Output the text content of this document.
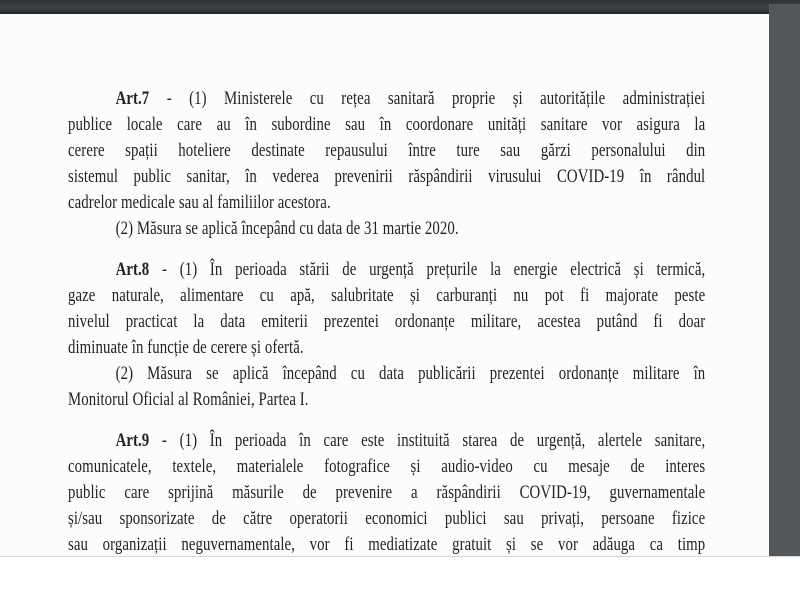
Art.7 - (1) Ministerele cu rețea sanitară proprie și autoritățile administrației
publice locale care au în subordine sau în coordonare unități sanitare vor asigura la
cerere spații hoteliere destinate repausului între ture sau gărzi personalului din
sistemul public sanitar, în vederea prevenirii răspândirii virusului COVID-19 în rândul
cadrelor medicale sau al familiilor acestora.
(2) Măsura se aplică începând cu data de 31 martie 2020.
Art.8 - (1) În perioada stării de urgență prețurile la energie electrică și termică,
gaze naturale, alimentare cu apă, salubritate și carburanți nu pot fi majorate peste
nivelul practicat la data emiterii prezentei ordonanțe militare, acestea putând fi doar
diminuate în funcție de cerere și ofertă.
(2) Măsura se aplică începând cu data publicării prezentei ordonanțe militare în
Monitorul Oficial al României, Partea I.
Art.9 - (1) În perioada în care este instituită starea de urgență, alertele sanitare,
comunicatele, textele, materialele fotografice și audio-video cu mesaje de interes
public care sprijină măsurile de prevenire a răspândirii COVID-19, guvernamentale
și/sau sponsorizate de către operatorii economici publici sau privați, persoane fizice
sau organizații neguvernamentale, vor fi mediatizate gratuit și se vor adăuga ca timp
